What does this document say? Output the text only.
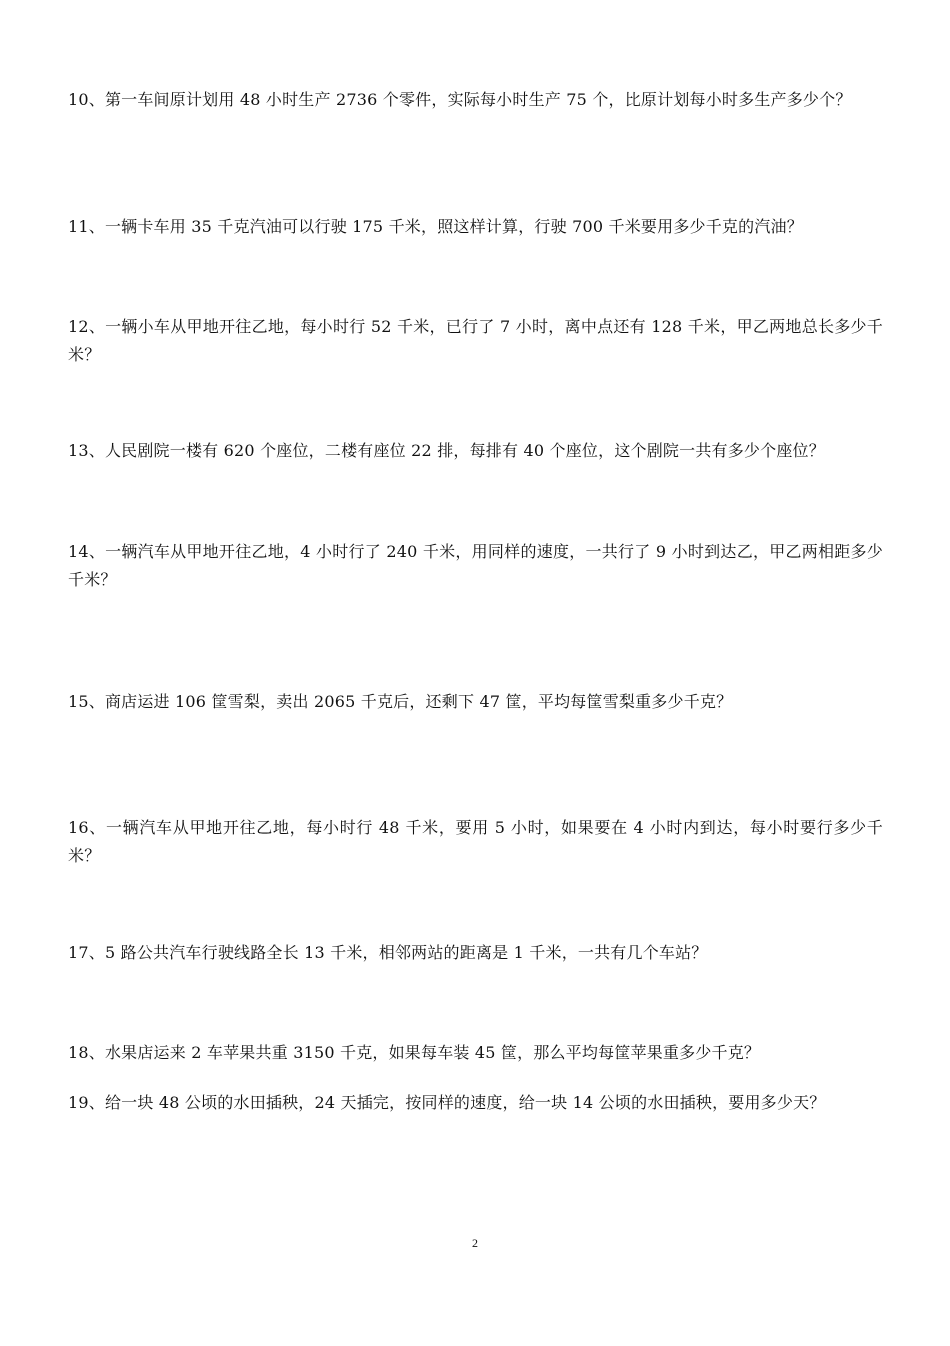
10、第一车间原计划用 48 小时生产 2736 个零件，实际每小时生产 75 个，比原计划每小时多生产多少个？
11、一辆卡车用 35 千克汽油可以行驶 175 千米，照这样计算，行驶 700 千米要用多少千克的汽油？
12、一辆小车从甲地开往乙地，每小时行 52 千米，已行了 7 小时，离中点还有 128 千米，甲乙两地总长多少千米？
13、人民剧院一楼有 620 个座位，二楼有座位 22 排，每排有 40 个座位，这个剧院一共有多少个座位？
14、一辆汽车从甲地开往乙地，4 小时行了 240 千米，用同样的速度，一共行了 9 小时到达乙，甲乙两相距多少千米？
15、商店运进 106 筐雪梨，卖出 2065 千克后，还剩下 47 筐，平均每筐雪梨重多少千克？
16、一辆汽车从甲地开往乙地，每小时行 48 千米，要用 5 小时，如果要在 4 小时内到达，每小时要行多少千米？
17、5 路公共汽车行驶线路全长 13 千米，相邻两站的距离是 1 千米，一共有几个车站？
18、水果店运来 2 车苹果共重 3150 千克，如果每车装 45 筐，那么平均每筐苹果重多少千克？
19、给一块 48 公顷的水田插秧，24 天插完，按同样的速度，给一块 14 公顷的水田插秧，要用多少天？
2
